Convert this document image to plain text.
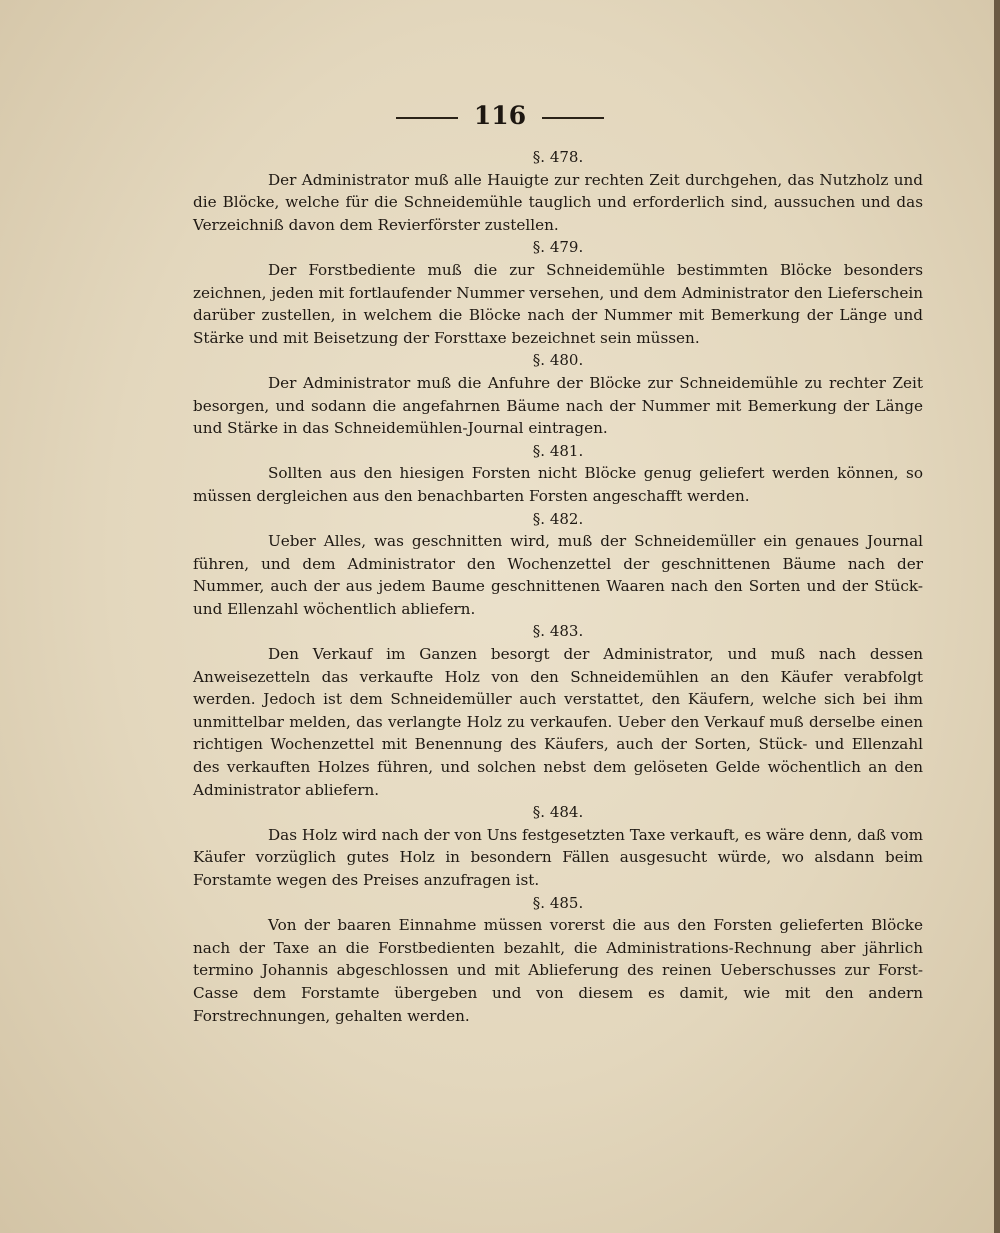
116

§. 478.

Der Administrator muß alle Hauigte zur rechten Zeit durchgehen, das Nutzholz und die Blöcke, welche für die Schneidemühle tauglich und erforderlich sind, aussuchen und das Verzeichniß davon dem Revierförster zustellen.

§. 479.

Der Forstbediente muß die zur Schneidemühle bestimmten Blöcke besonders zeichnen, jeden mit fortlaufender Nummer versehen, und dem Administrator den Lieferschein darüber zustellen, in welchem die Blöcke nach der Nummer mit Bemerkung der Länge und Stärke und mit Beisetzung der Forsttaxe bezeichnet sein müssen.

§. 480.

Der Administrator muß die Anfuhre der Blöcke zur Schneidemühle zu rechter Zeit besorgen, und sodann die angefahrnen Bäume nach der Nummer mit Bemerkung der Länge und Stärke in das Schneidemühlen-Journal eintragen.

§. 481.

Sollten aus den hiesigen Forsten nicht Blöcke genug geliefert werden können, so müssen dergleichen aus den benachbarten Forsten angeschafft werden.

§. 482.

Ueber Alles, was geschnitten wird, muß der Schneidemüller ein genaues Journal führen, und dem Administrator den Wochenzettel der geschnittenen Bäume nach der Nummer, auch der aus jedem Baume geschnittenen Waaren nach den Sorten und der Stück- und Ellenzahl wöchentlich abliefern.

§. 483.

Den Verkauf im Ganzen besorgt der Administrator, und muß nach dessen Anweisezetteln das verkaufte Holz von den Schneidemühlen an den Käufer verabfolgt werden. Jedoch ist dem Schneidemüller auch verstattet, den Käufern, welche sich bei ihm unmittelbar melden, das verlangte Holz zu verkaufen. Ueber den Verkauf muß derselbe einen richtigen Wochenzettel mit Benennung des Käufers, auch der Sorten, Stück- und Ellenzahl des verkauften Holzes führen, und solchen nebst dem gelöseten Gelde wöchentlich an den Administrator abliefern.

§. 484.

Das Holz wird nach der von Uns festgesetzten Taxe verkauft, es wäre denn, daß vom Käufer vorzüglich gutes Holz in besondern Fällen ausgesucht würde, wo alsdann beim Forstamte wegen des Preises anzufragen ist.

§. 485.

Von der baaren Einnahme müssen vorerst die aus den Forsten gelieferten Blöcke nach der Taxe an die Forstbedienten bezahlt, die Administrations-Rechnung aber jährlich termino Johannis abgeschlossen und mit Ablieferung des reinen Ueberschusses zur Forst-Casse dem Forstamte übergeben und von diesem es damit, wie mit den andern Forstrechnungen, gehalten werden.
